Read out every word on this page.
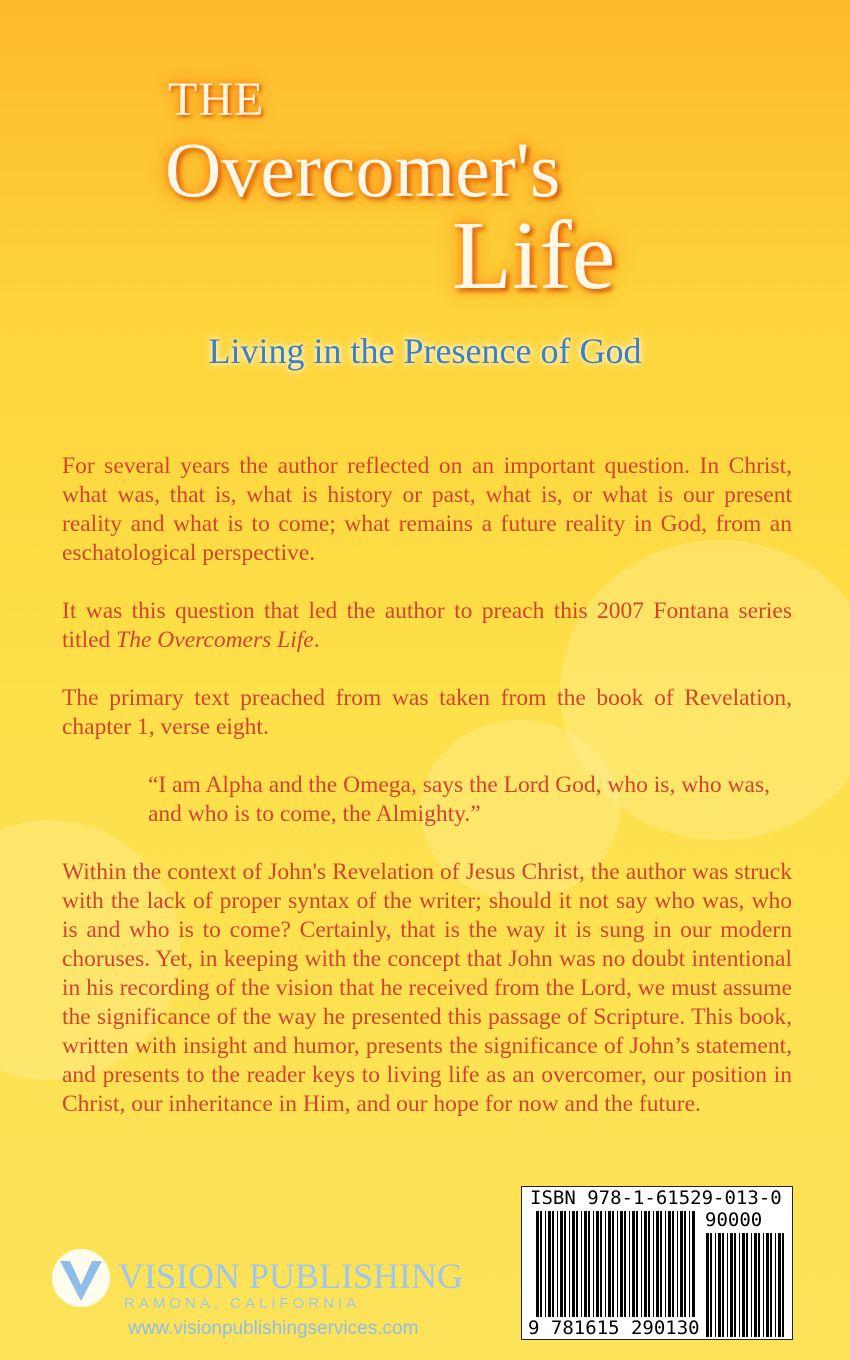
THE
Overcomer's
Life
Living in the Presence of God

For several years the author reflected on an important question. In Christ, what was, that is, what is history or past, what is, or what is our present reality and what is to come; what remains a future reality in God, from an eschatological perspective.

It was this question that led the author to preach this 2007 Fontana series titled The Overcomers Life.

The primary text preached from was taken from the book of Revelation, chapter 1, verse eight.

“I am Alpha and the Omega, says the Lord God, who is, who was, and who is to come, the Almighty.”

Within the context of John's Revelation of Jesus Christ, the author was struck with the lack of proper syntax of the writer; should it not say who was, who is and who is to come? Certainly, that is the way it is sung in our modern choruses. Yet, in keeping with the concept that John was no doubt intentional in his recording of the vision that he received from the Lord, we must assume the significance of the way he presented this passage of Scripture. This book, written with insight and humor, presents the significance of John’s statement, and presents to the reader keys to living life as an overcomer, our position in Christ, our inheritance in Him, and our hope for now and the future.

ISBN 978-1-61529-013-0
90000
9 781615 290130
VISION PUBLISHING
RAMONA, CALIFORNIA
www.visionpublishingservices.com
